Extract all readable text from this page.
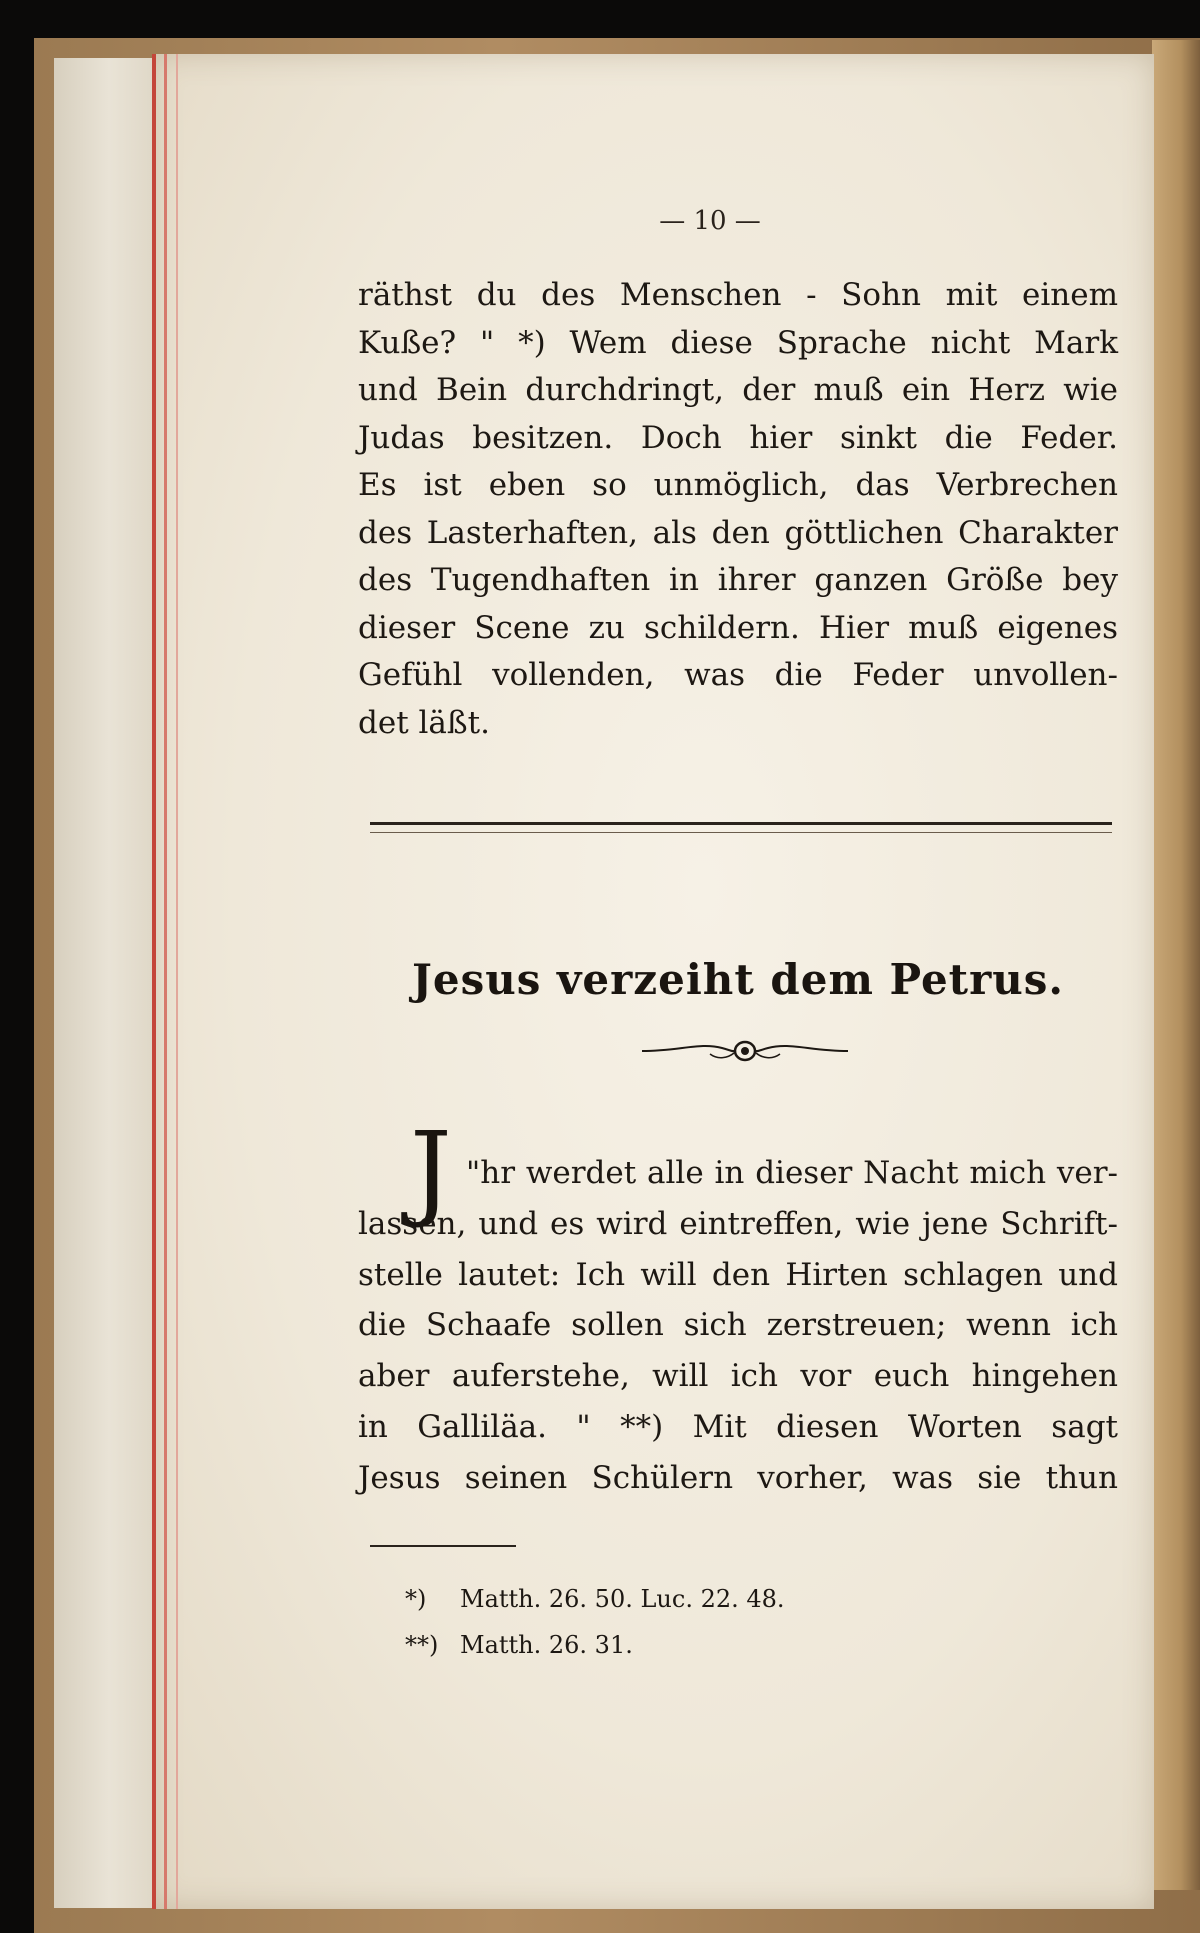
— 10 —
räthst du des Menschen - Sohn mit einem
Kuße? " *) Wem diese Sprache nicht Mark
und Bein durchdringt, der muß ein Herz wie
Judas besitzen. Doch hier sinkt die Feder.
Es ist eben so unmöglich, das Verbrechen
des Lasterhaften, als den göttlichen Charakter
des Tugendhaften in ihrer ganzen Größe bey
dieser Scene zu schildern. Hier muß eigenes
Gefühl vollenden, was die Feder unvollen-
det läßt.
Jesus verzeiht dem Petrus.
J "hr werdet alle in dieser Nacht mich ver-
lassen, und es wird eintreffen, wie jene Schrift-
stelle lautet: Ich will den Hirten schlagen und
die Schaafe sollen sich zerstreuen; wenn ich
aber auferstehe, will ich vor euch hingehen
in Galliläa. " **) Mit diesen Worten sagt
Jesus seinen Schülern vorher, was sie thun
*) Matth. 26. 50. Luc. 22. 48.
**) Matth. 26. 31.
